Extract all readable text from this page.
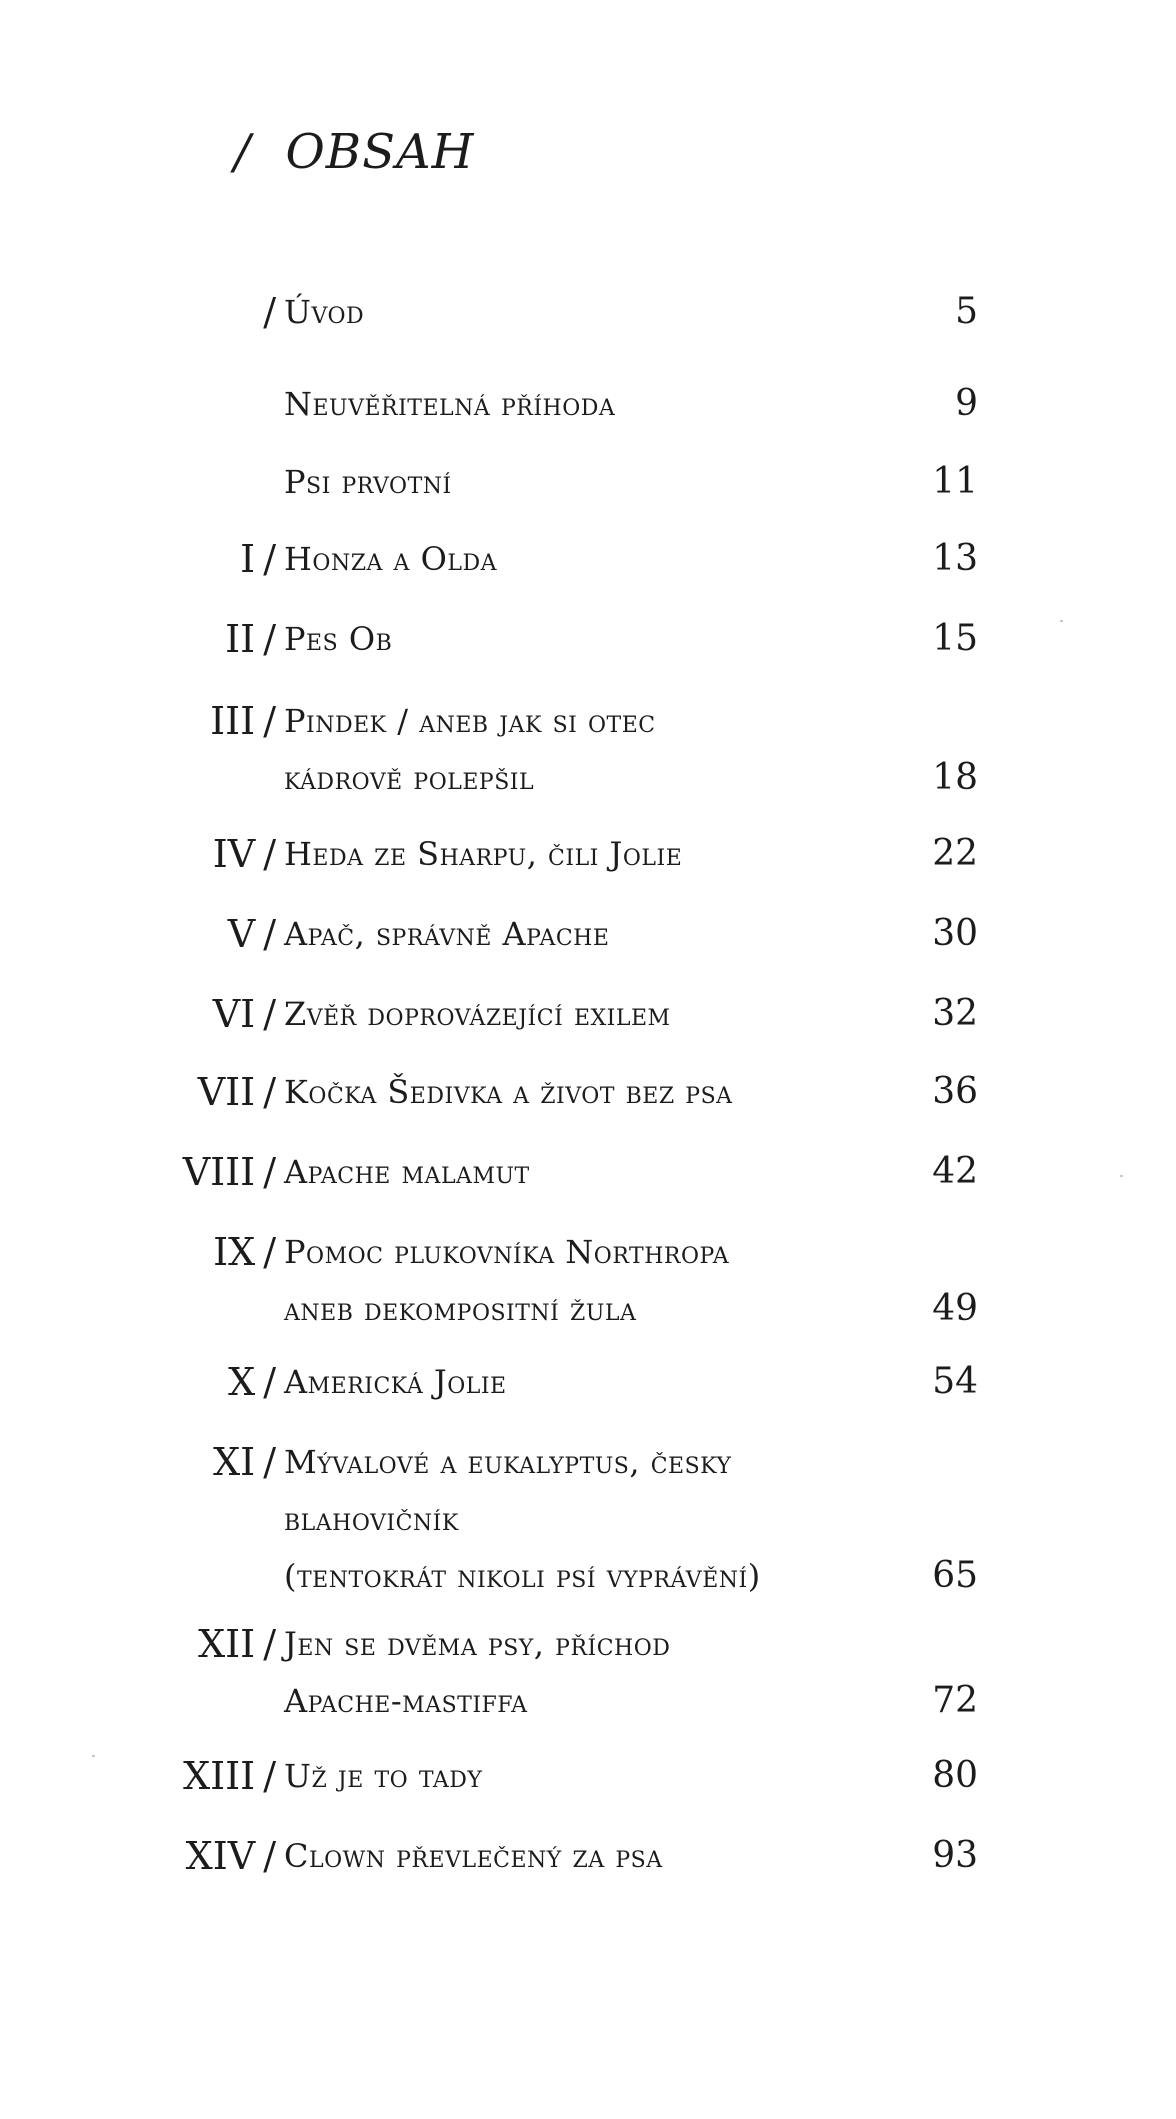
/ OBSAH
/ Úvod	5
Neuvěřitelná příhoda	9
Psi prvotní	11
I / Honza a Olda	13
II / Pes Ob	15
III / Pindek / aneb jak si otec
kádrově polepšil	18
IV / Heda ze Sharpu, čili Jolie	22
V / Apač, správně Apache	30
VI / Zvěř doprovázející exilem	32
VII / Kočka Šedivka a život bez psa	36
VIII / Apache malamut	42
IX / Pomoc plukovníka Northropa
aneb dekompositní žula	49
X / Americká Jolie	54
XI / Mývalové a eukalyptus, česky
blahovičník
(tentokrát nikoli psí vyprávění)	65
XII / Jen se dvěma psy, příchod
Apache-mastiffa	72
XIII / Už je to tady	80
XIV / Clown převlečený za psa	93
